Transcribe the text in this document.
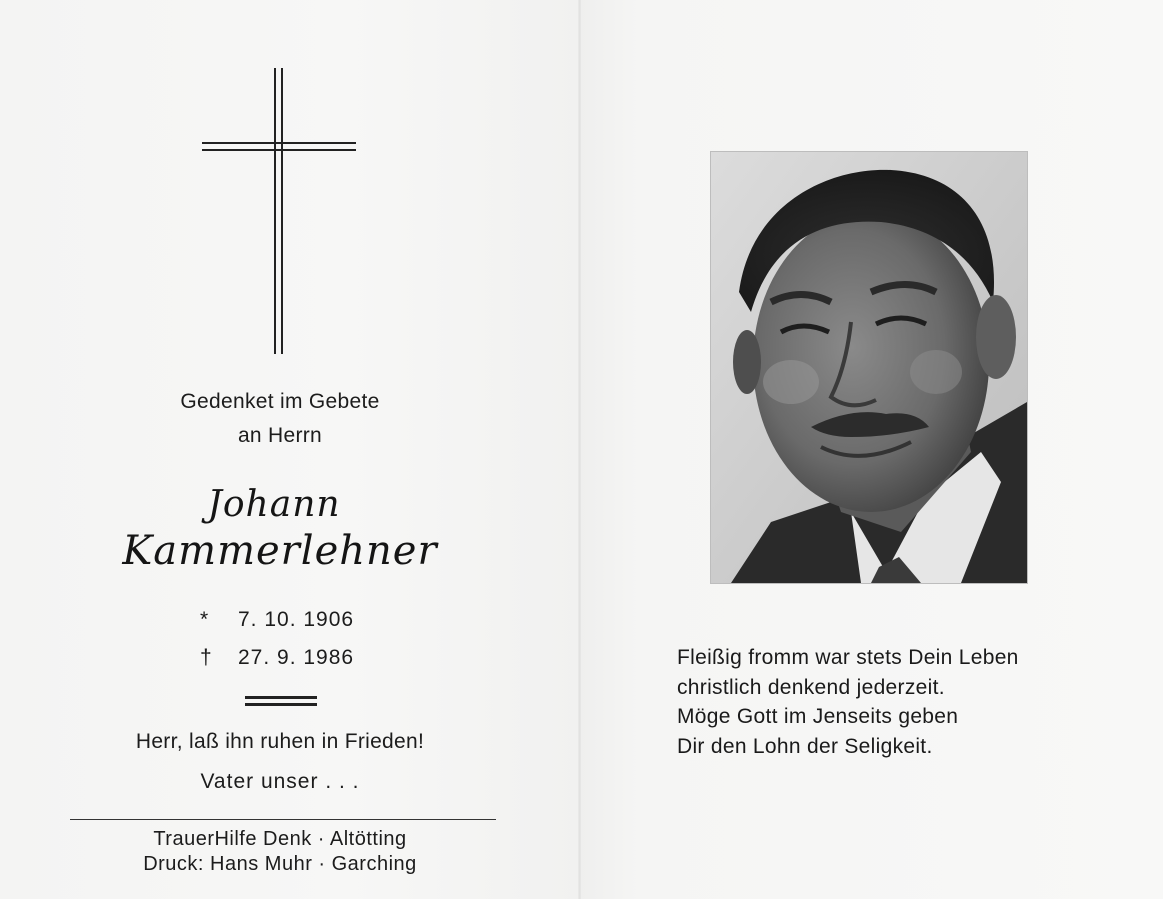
Gedenket im Gebete
an Herrn
Johann
Kammerlehner
*	7. 10. 1906
†	27. 9. 1986
Herr, laß ihn ruhen in Frieden!
Vater unser . . .
TrauerHilfe Denk · Altötting
Druck: Hans Muhr · Garching
Fleißig fromm war stets Dein Leben
christlich denkend jederzeit.
Möge Gott im Jenseits geben
Dir den Lohn der Seligkeit.
